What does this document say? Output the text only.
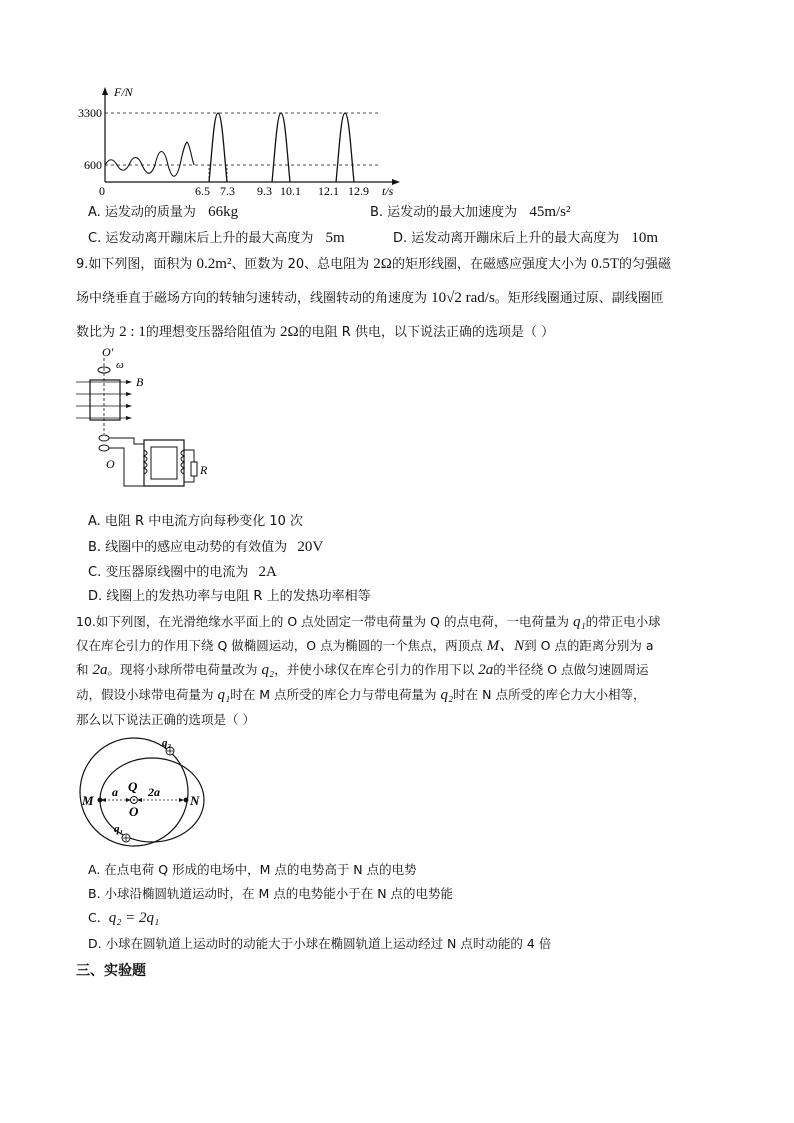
F/N
3300
600
0	6.5 7.3 9.3 10.1 12.1 12.9 t/s
A. 运发动的质量为 66kg	B. 运发动的最大加速度为 45m/s²
C. 运发动离开蹦床后上升的最大高度为 5m	D. 运发动离开蹦床后上升的最大高度为 10m
9.如下列图，面积为 0.2m²、匝数为 20、总电阻为 2Ω的矩形线圈，在磁感应强度大小为 0.5T的匀强磁
场中绕垂直于磁场方向的转轴匀速转动，线圈转动的角速度为 10√2 rad/s。矩形线圈通过原、副线圈匝
数比为 2 : 1的理想变压器给阻值为 2Ω的电阻 R 供电，以下说法正确的选项是（ ）
O′
ω
B
O	R
A. 电阻 R 中电流方向每秒变化 10 次
B. 线圈中的感应电动势的有效值为 20V
C. 变压器原线圈中的电流为 2A
D. 线圈上的发热功率与电阻 R 上的发热功率相等
10.如下列图，在光滑绝缘水平面上的 O 点处固定一带电荷量为 Q 的点电荷，一电荷量为 q₁的带正电小球
仅在库仑引力的作用下绕 Q 做椭圆运动，O 点为椭圆的一个焦点，两顶点 M、N到 O 点的距离分别为 a
和 2a。现将小球所带电荷量改为 q₂，并使小球仅在库仑引力的作用下以 2a的半径绕 O 点做匀速圆周运
动，假设小球带电荷量为 q₁时在 M 点所受的库仑力与带电荷量为 q₂时在 N 点所受的库仑力大小相等，
那么以下说法正确的选项是（ ）
q₂
M
a Q 2a
N
O
q₁
A. 在点电荷 Q 形成的电场中，M 点的电势高于 N 点的电势
B. 小球沿椭圆轨道运动时，在 M 点的电势能小于在 N 点的电势能
C. q₂ = 2q₁
D. 小球在圆轨道上运动时的动能大于小球在椭圆轨道上运动经过 N 点时动能的 4 倍
三、实验题
